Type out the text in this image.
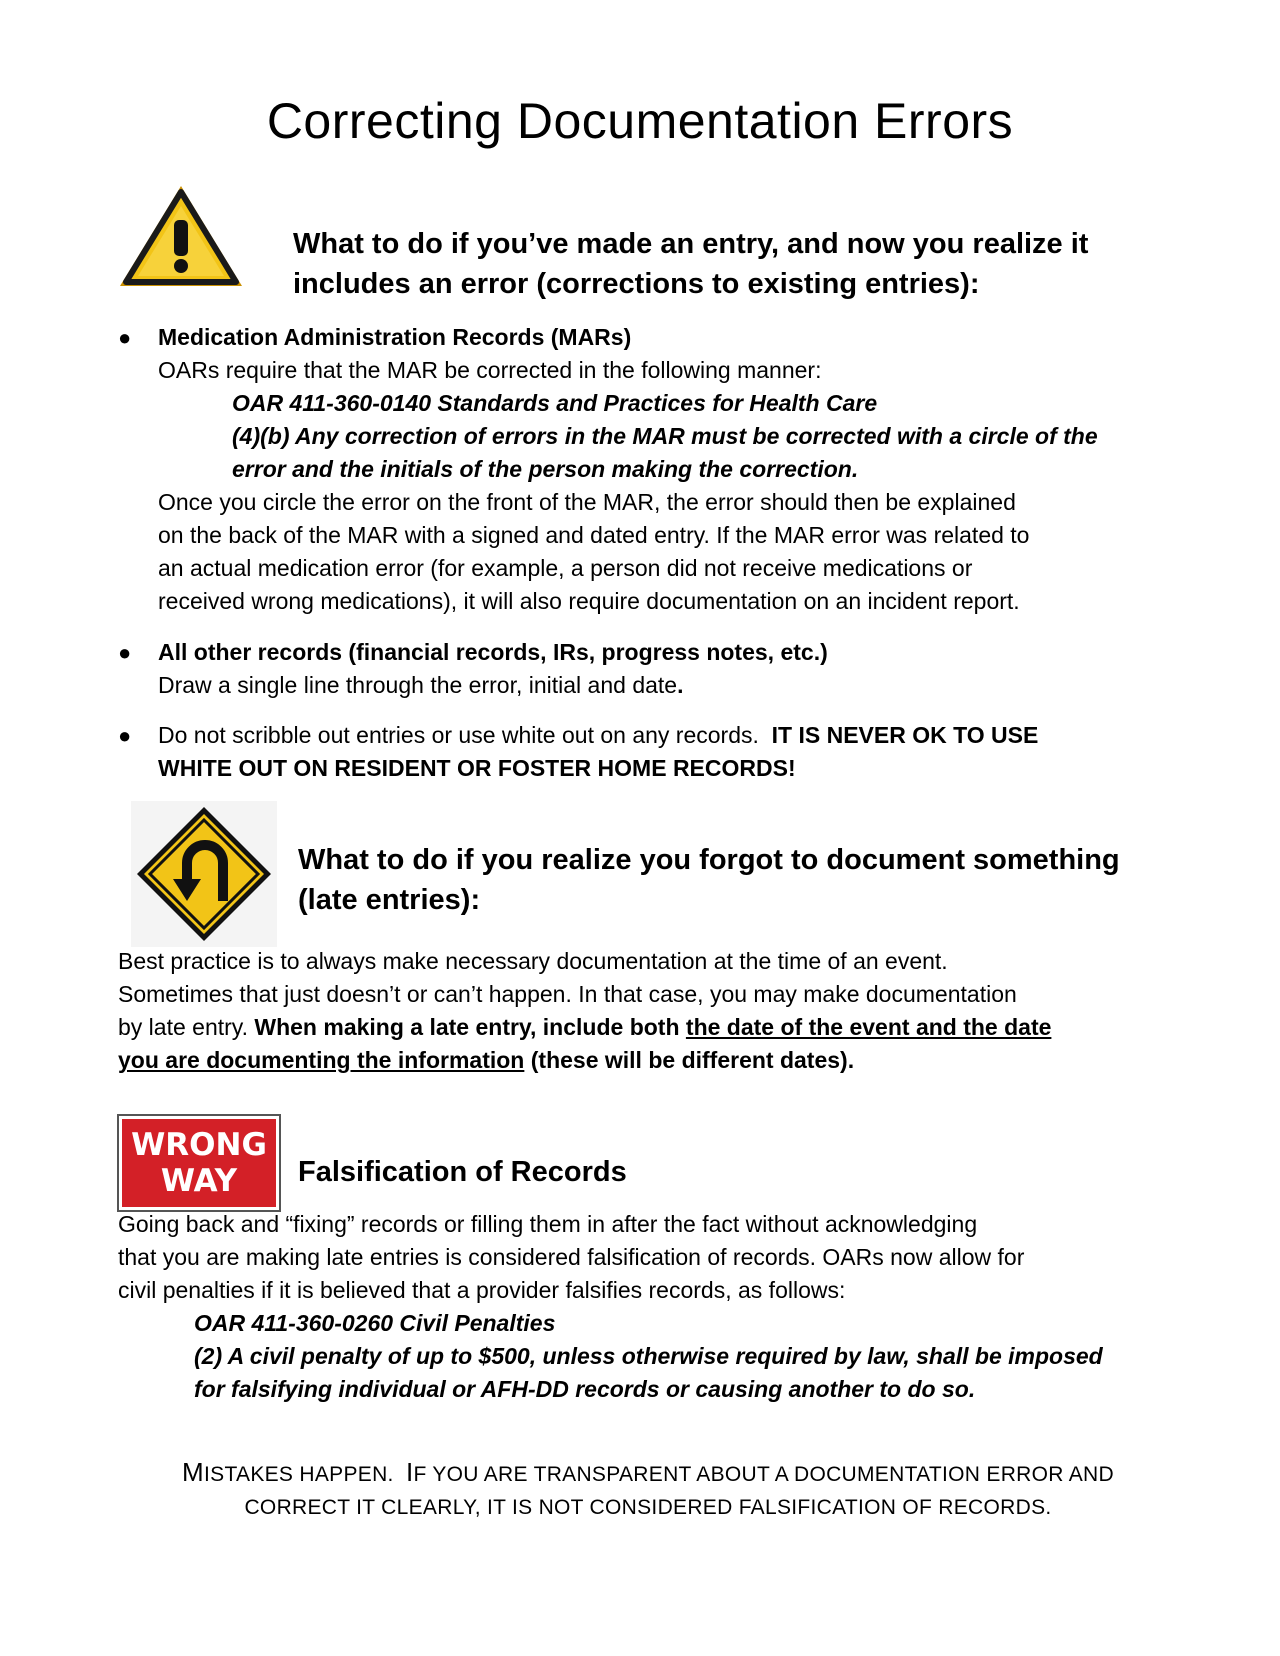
Correcting Documentation Errors
What to do if you’ve made an entry, and now you realize it
includes an error (corrections to existing entries):
●	Medication Administration Records (MARs)
OARs require that the MAR be corrected in the following manner:
OAR 411-360-0140 Standards and Practices for Health Care
(4)(b) Any correction of errors in the MAR must be corrected with a circle of the
error and the initials of the person making the correction.
Once you circle the error on the front of the MAR, the error should then be explained
on the back of the MAR with a signed and dated entry. If the MAR error was related to
an actual medication error (for example, a person did not receive medications or
received wrong medications), it will also require documentation on an incident report.
●	All other records (financial records, IRs, progress notes, etc.)
Draw a single line through the error, initial and date.
●	Do not scribble out entries or use white out on any records.  IT IS NEVER OK TO USE
WHITE OUT ON RESIDENT OR FOSTER HOME RECORDS!
What to do if you realize you forgot to document something
(late entries):
Best practice is to always make necessary documentation at the time of an event.
Sometimes that just doesn’t or can’t happen. In that case, you may make documentation
by late entry. When making a late entry, include both the date of the event and the date
you are documenting the information (these will be different dates).
WRONG
WAY	Falsification of Records
Going back and “fixing” records or filling them in after the fact without acknowledging
that you are making late entries is considered falsification of records. OARs now allow for
civil penalties if it is believed that a provider falsifies records, as follows:
OAR 411-360-0260 Civil Penalties
(2) A civil penalty of up to $500, unless otherwise required by law, shall be imposed
for falsifying individual or AFH-DD records or causing another to do so.
MISTAKES HAPPEN.  IF YOU ARE TRANSPARENT ABOUT A DOCUMENTATION ERROR AND
CORRECT IT CLEARLY, IT IS NOT CONSIDERED FALSIFICATION OF RECORDS.
